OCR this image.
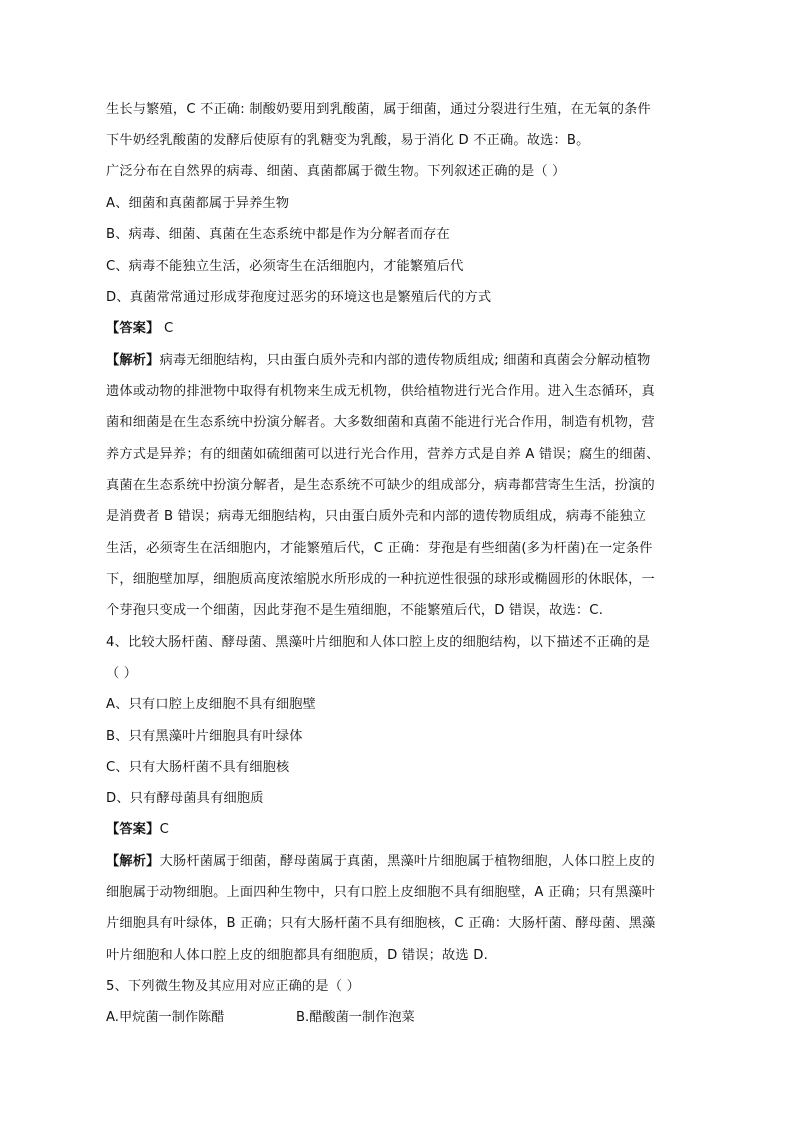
生长与繁殖，C 不正确: 制酸奶要用到乳酸菌，属于细菌，通过分裂进行生殖，在无氧的条件
下牛奶经乳酸菌的发酵后使原有的乳糖变为乳酸，易于消化 D 不正确。故选：B。
广泛分布在自然界的病毒、细菌、真菌都属于微生物。下列叙述正确的是（ ）
A、细菌和真菌都属于异养生物
B、病毒、细菌、真菌在生态系统中都是作为分解者而存在
C、病毒不能独立生活，必须寄生在活细胞内，才能繁殖后代
D、真菌常常通过形成芽孢度过恶劣的环境这也是繁殖后代的方式
【答案】 C
【解析】病毒无细胞结构，只由蛋白质外壳和内部的遗传物质组成; 细菌和真菌会分解动植物
遗体或动物的排泄物中取得有机物来生成无机物，供给植物进行光合作用。进入生态循环，真
菌和细菌是在生态系统中扮演分解者。大多数细菌和真菌不能进行光合作用，制造有机物，营
养方式是异养；有的细菌如硫细菌可以进行光合作用，营养方式是自养 A 错误；腐生的细菌、
真菌在生态系统中扮演分解者，是生态系统不可缺少的组成部分，病毒都营寄生生活，扮演的
是消费者 B 错误；病毒无细胞结构，只由蛋白质外壳和内部的遗传物质组成，病毒不能独立
生活，必须寄生在活细胞内，才能繁殖后代，C 正确：芽孢是有些细菌(多为杆菌)在一定条件
下，细胞壁加厚，细胞质高度浓缩脱水所形成的一种抗逆性很强的球形或椭圆形的休眠体，一
个芽孢只变成一个细菌，因此芽孢不是生殖细胞，不能繁殖后代，D 错误，故选：C.
4、比较大肠杆菌、酵母菌、黑藻叶片细胞和人体口腔上皮的细胞结构，以下描述不正确的是
（ ）
A、只有口腔上皮细胞不具有细胞壁
B、只有黑藻叶片细胞具有叶绿体
C、只有大肠杆菌不具有细胞核
D、只有酵母菌具有细胞质
【答案】C
【解析】大肠杆菌属于细菌，酵母菌属于真菌，黑藻叶片细胞属于植物细胞，人体口腔上皮的
细胞属于动物细胞。上面四种生物中，只有口腔上皮细胞不具有细胞壁，A 正确；只有黑藻叶
片细胞具有叶绿体，B 正确；只有大肠杆菌不具有细胞核，C 正确：大肠杆菌、酵母菌、黑藻
叶片细胞和人体口腔上皮的细胞都具有细胞质，D 错误；故选 D.
5、下列微生物及其应用对应正确的是（ ）
A.甲烷菌一制作陈醋	B.醋酸菌一制作泡菜
